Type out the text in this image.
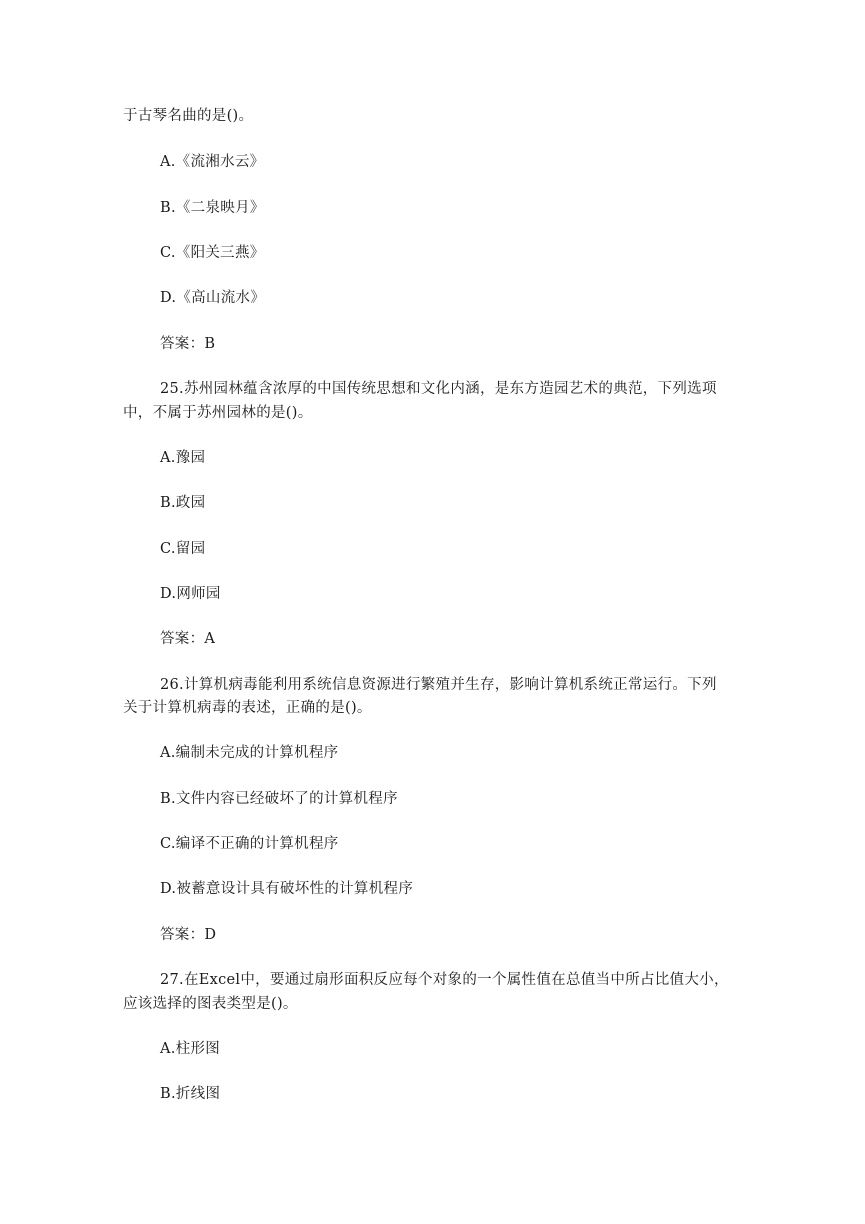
于古琴名曲的是()。
A.《流湘水云》
B.《二泉映月》
C.《阳关三燕》
D.《高山流水》
答案：B
25.苏州园林蕴含浓厚的中国传统思想和文化内涵，是东方造园艺术的典范，下列选项
中，不属于苏州园林的是()。
A.豫园
B.政园
C.留园
D.网师园
答案：A
26.计算机病毒能利用系统信息资源进行繁殖并生存，影响计算机系统正常运行。下列
关于计算机病毒的表述，正确的是()。
A.编制未完成的计算机程序
B.文件内容已经破坏了的计算机程序
C.编译不正确的计算机程序
D.被蓄意设计具有破坏性的计算机程序
答案：D
27.在Excel中，要通过扇形面积反应每个对象的一个属性值在总值当中所占比值大小，
应该选择的图表类型是()。
A.柱形图
B.折线图
